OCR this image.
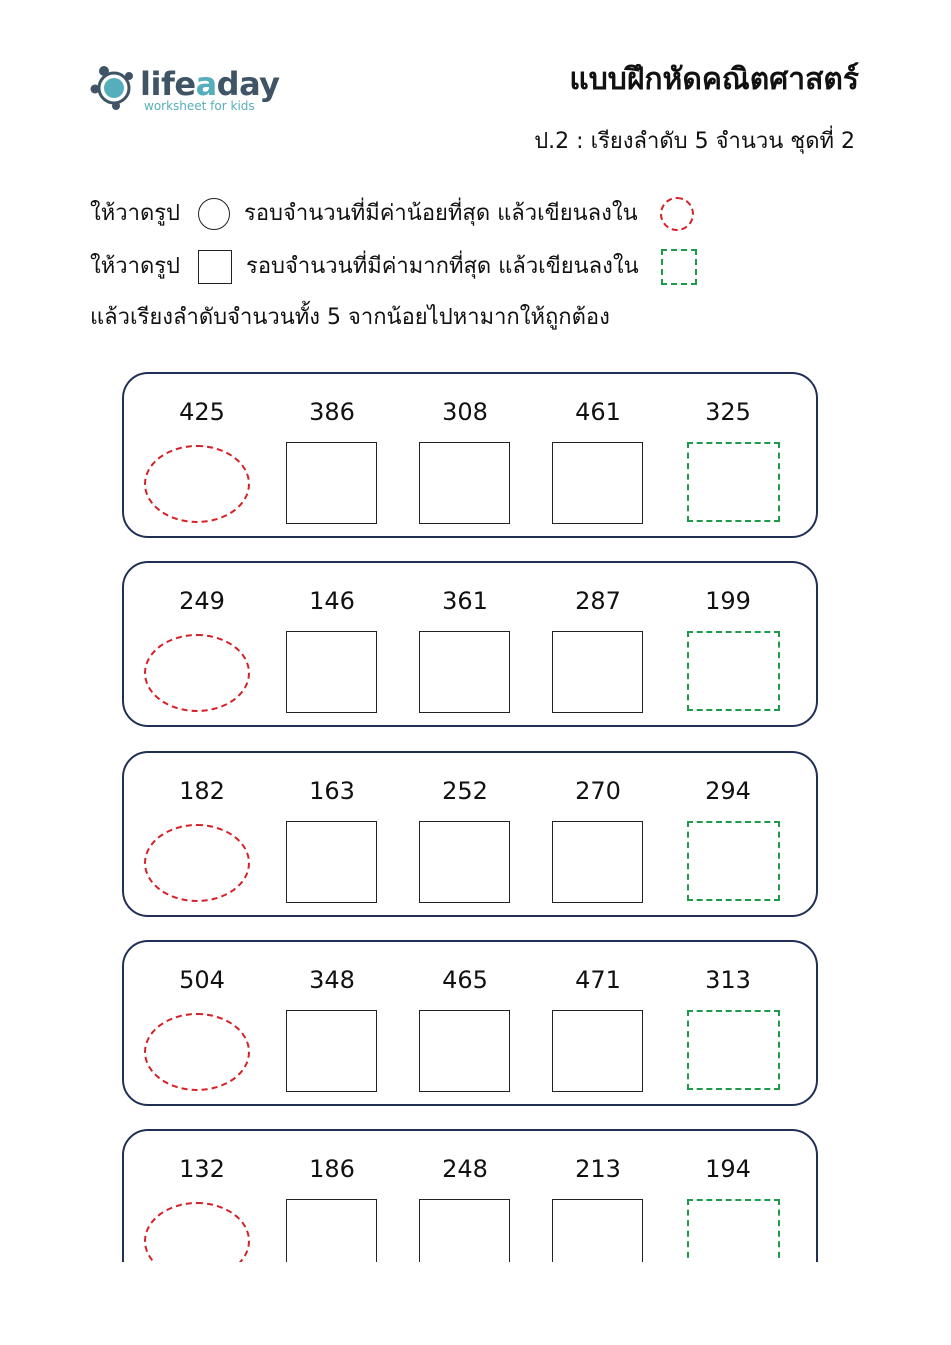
lifeaday
worksheet for kids
แบบฝึกหัดคณิตศาสตร์
ป.2 : เรียงลำดับ 5 จำนวน ชุดที่ 2
ให้วาดรูป	รอบจำนวนที่มีค่าน้อยที่สุด แล้วเขียนลงใน
ให้วาดรูป	รอบจำนวนที่มีค่ามากที่สุด แล้วเขียนลงใน
แล้วเรียงลำดับจำนวนทั้ง 5 จากน้อยไปหามากให้ถูกต้อง
425	386	308	461	325
249	146	361	287	199
182	163	252	270	294
504	348	465	471	313
132	186	248	213	194
